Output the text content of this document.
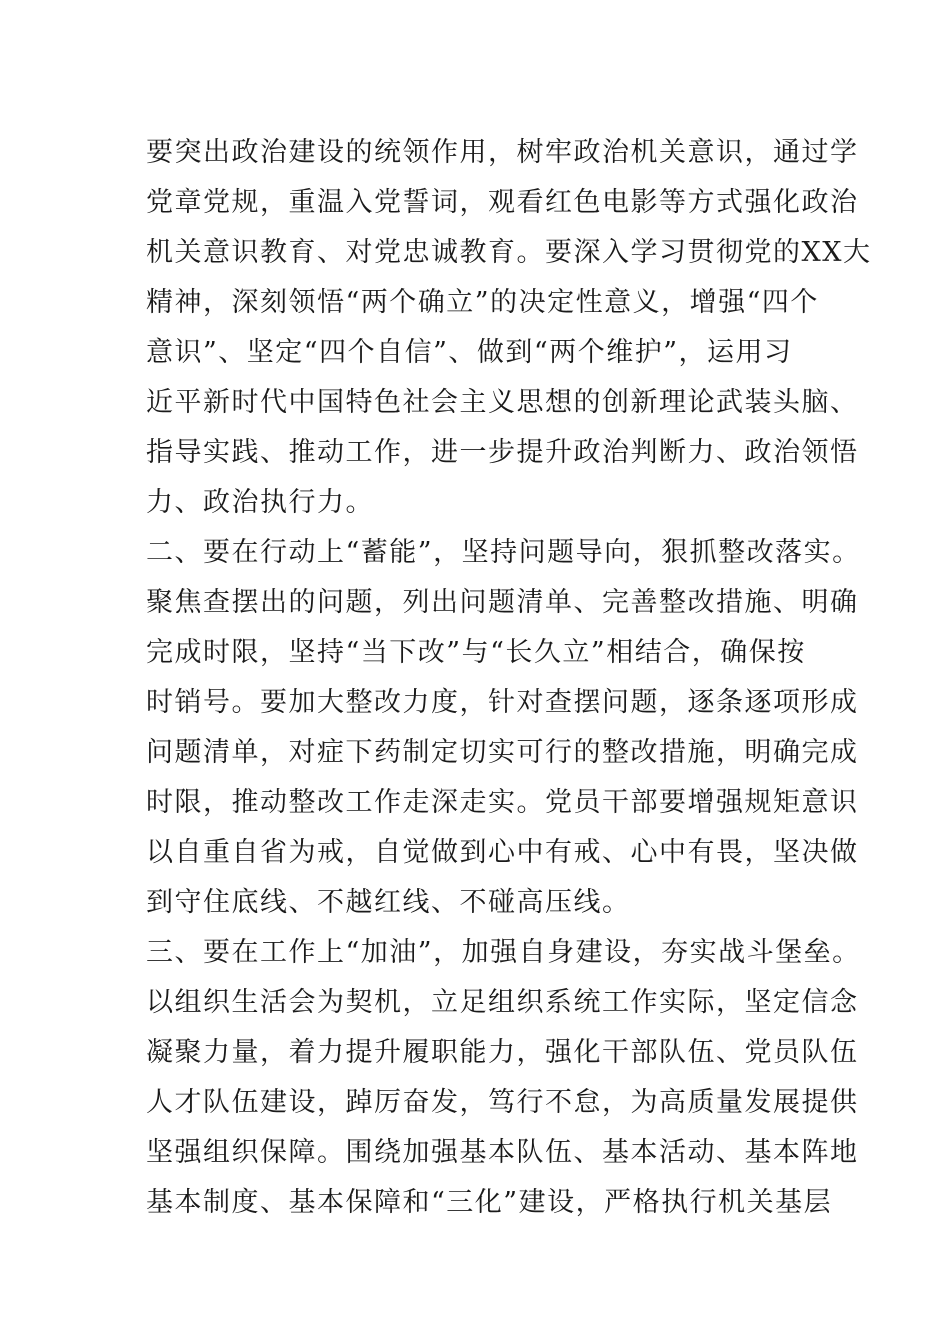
要突出政治建设的统领作用，树牢政治机关意识，通过学
党章党规，重温入党誓词，观看红色电影等方式强化政治
机关意识教育、对党忠诚教育。要深入学习贯彻党的XX大
精神，深刻领悟“两个确立”的决定性意义，增强“四个
意识”、坚定“四个自信”、做到“两个维护”，运用习
近平新时代中国特色社会主义思想的创新理论武装头脑、
指导实践、推动工作，进一步提升政治判断力、政治领悟
力、政治执行力。
二、要在行动上“蓄能”，坚持问题导向，狠抓整改落实。
聚焦查摆出的问题，列出问题清单、完善整改措施、明确
完成时限，坚持“当下改”与“长久立”相结合，确保按
时销号。要加大整改力度，针对查摆问题，逐条逐项形成
问题清单，对症下药制定切实可行的整改措施，明确完成
时限，推动整改工作走深走实。党员干部要增强规矩意识
以自重自省为戒，自觉做到心中有戒、心中有畏，坚决做
到守住底线、不越红线、不碰高压线。
三、要在工作上“加油”，加强自身建设，夯实战斗堡垒。
以组织生活会为契机，立足组织系统工作实际，坚定信念
凝聚力量，着力提升履职能力，强化干部队伍、党员队伍
人才队伍建设，踔厉奋发，笃行不怠，为高质量发展提供
坚强组织保障。围绕加强基本队伍、基本活动、基本阵地
基本制度、基本保障和“三化”建设，严格执行机关基层
